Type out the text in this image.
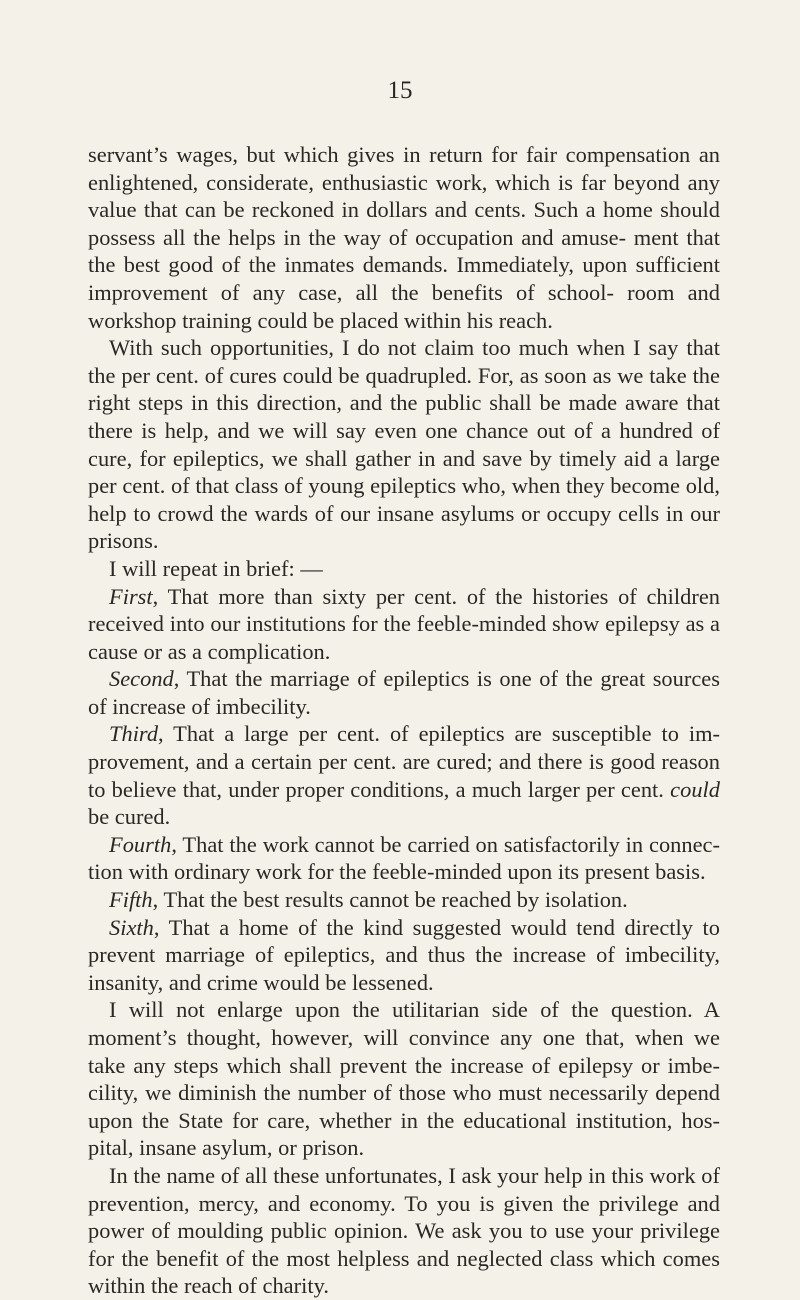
15

servant’s wages, but which gives in return for fair compensation an enlightened, considerate, enthusiastic work, which is far beyond any value that can be reckoned in dollars and cents. Such a home should possess all the helps in the way of occupation and amuse- ment that the best good of the inmates demands. Immediately, upon sufficient improvement of any case, all the benefits of school- room and workshop training could be placed within his reach.

With such opportunities, I do not claim too much when I say that the per cent. of cures could be quadrupled. For, as soon as we take the right steps in this direction, and the public shall be made aware that there is help, and we will say even one chance out of a hundred of cure, for epileptics, we shall gather in and save by timely aid a large per cent. of that class of young epileptics who, when they become old, help to crowd the wards of our insane asylums or occupy cells in our prisons.

I will repeat in brief: —

First, That more than sixty per cent. of the histories of children received into our institutions for the feeble-minded show epilepsy as a cause or as a complication.

Second, That the marriage of epileptics is one of the great sources of increase of imbecility.

Third, That a large per cent. of epileptics are susceptible to im- provement, and a certain per cent. are cured; and there is good reason to believe that, under proper conditions, a much larger per cent. could be cured.

Fourth, That the work cannot be carried on satisfactorily in connec- tion with ordinary work for the feeble-minded upon its present basis.

Fifth, That the best results cannot be reached by isolation.

Sixth, That a home of the kind suggested would tend directly to prevent marriage of epileptics, and thus the increase of imbecility, insanity, and crime would be lessened.

I will not enlarge upon the utilitarian side of the question. A moment’s thought, however, will convince any one that, when we take any steps which shall prevent the increase of epilepsy or imbe- cility, we diminish the number of those who must necessarily depend upon the State for care, whether in the educational institution, hos- pital, insane asylum, or prison.

In the name of all these unfortunates, I ask your help in this work of prevention, mercy, and economy. To you is given the privilege and power of moulding public opinion. We ask you to use your privilege for the benefit of the most helpless and neglected class which comes within the reach of charity.
